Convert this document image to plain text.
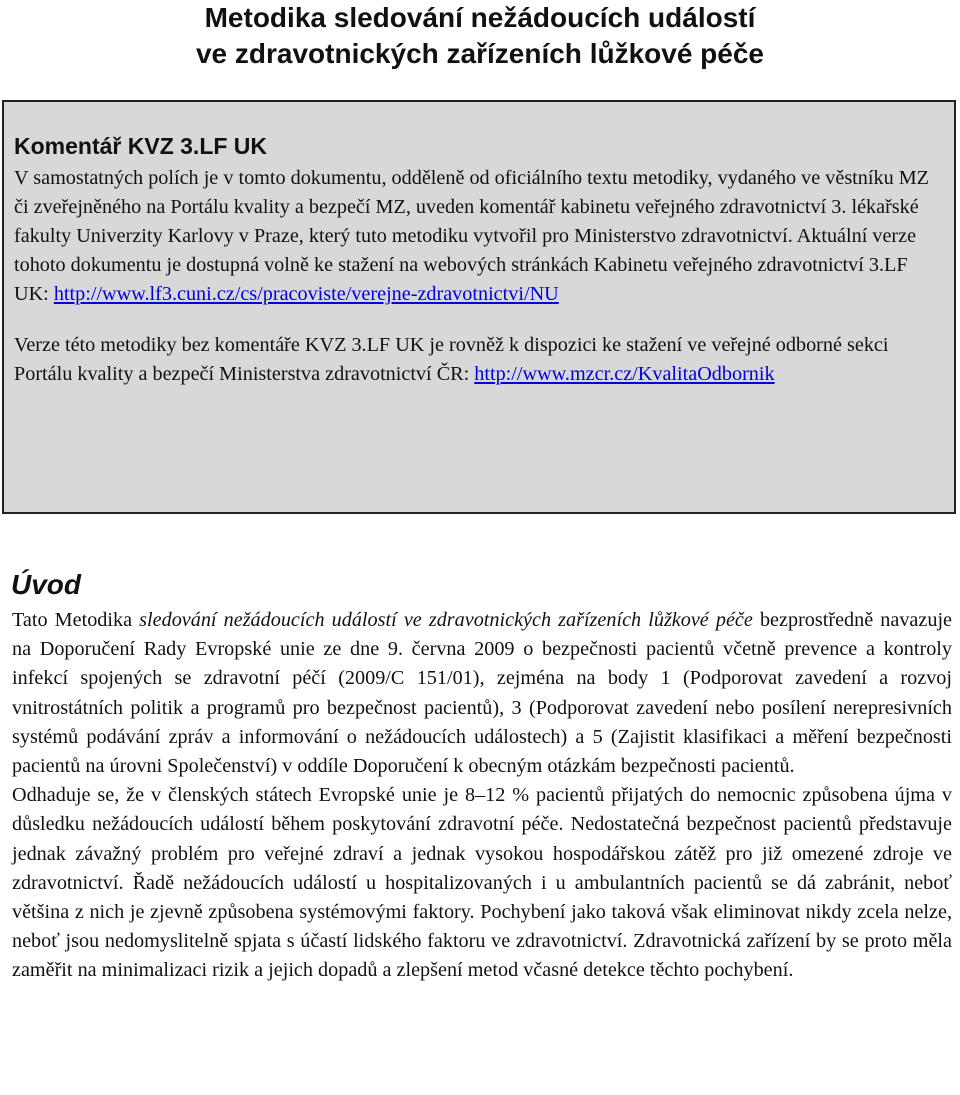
Metodika sledování nežádoucích událostí
ve zdravotnických zařízeních lůžkové péče
Komentář KVZ 3.LF UK

V samostatných polích je v tomto dokumentu, odděleně od oficiálního textu metodiky, vydaného ve věstníku MZ či zveřejněného na Portálu kvality a bezpečí MZ, uveden komentář kabinetu veřejného zdravotnictví 3. lékařské fakulty Univerzity Karlovy v Praze, který tuto metodiku vytvořil pro Ministerstvo zdravotnictví. Aktuální verze tohoto dokumentu je dostupná volně ke stažení na webových stránkách Kabinetu veřejného zdravotnictví 3.LF UK: http://www.lf3.cuni.cz/cs/pracoviste/verejne-zdravotnictvi/NU

Verze této metodiky bez komentáře KVZ 3.LF UK je rovněž k dispozici ke stažení ve veřejné odborné sekci Portálu kvality a bezpečí Ministerstva zdravotnictví ČR: http://www.mzcr.cz/KvalitaOdbornik

Úvod

Tato Metodika sledování nežádoucích událostí ve zdravotnických zařízeních lůžkové péče bezprostředně navazuje na Doporučení Rady Evropské unie ze dne 9. června 2009 o bezpečnosti pacientů včetně prevence a kontroly infekcí spojených se zdravotní péčí (2009/C 151/01), zejména na body 1 (Podporovat zavedení a rozvoj vnitrostátních politik a programů pro bezpečnost pacientů), 3 (Podporovat zavedení nebo posílení nerepresivních systémů podávání zpráv a informování o nežádoucích událostech) a 5 (Zajistit klasifikaci a měření bezpečnosti pacientů na úrovni Společenství) v oddíle Doporučení k obecným otázkám bezpečnosti pacientů.

Odhaduje se, že v členských státech Evropské unie je 8–12 % pacientů přijatých do nemocnic způsobena újma v důsledku nežádoucích událostí během poskytování zdravotní péče. Nedostatečná bezpečnost pacientů představuje jednak závažný problém pro veřejné zdraví a jednak vysokou hospodářskou zátěž pro již omezené zdroje ve zdravotnictví. Řadě nežádoucích událostí u hospitalizovaných i u ambulantních pacientů se dá zabránit, neboť většina z nich je zjevně způsobena systémovými faktory. Pochybení jako taková však eliminovat nikdy zcela nelze, neboť jsou nedomyslitelně spjata s účastí lidského faktoru ve zdravotnictví. Zdravotnická zařízení by se proto měla zaměřit na minimalizaci rizik a jejich dopadů a zlepšení metod včasné detekce těchto pochybení.
